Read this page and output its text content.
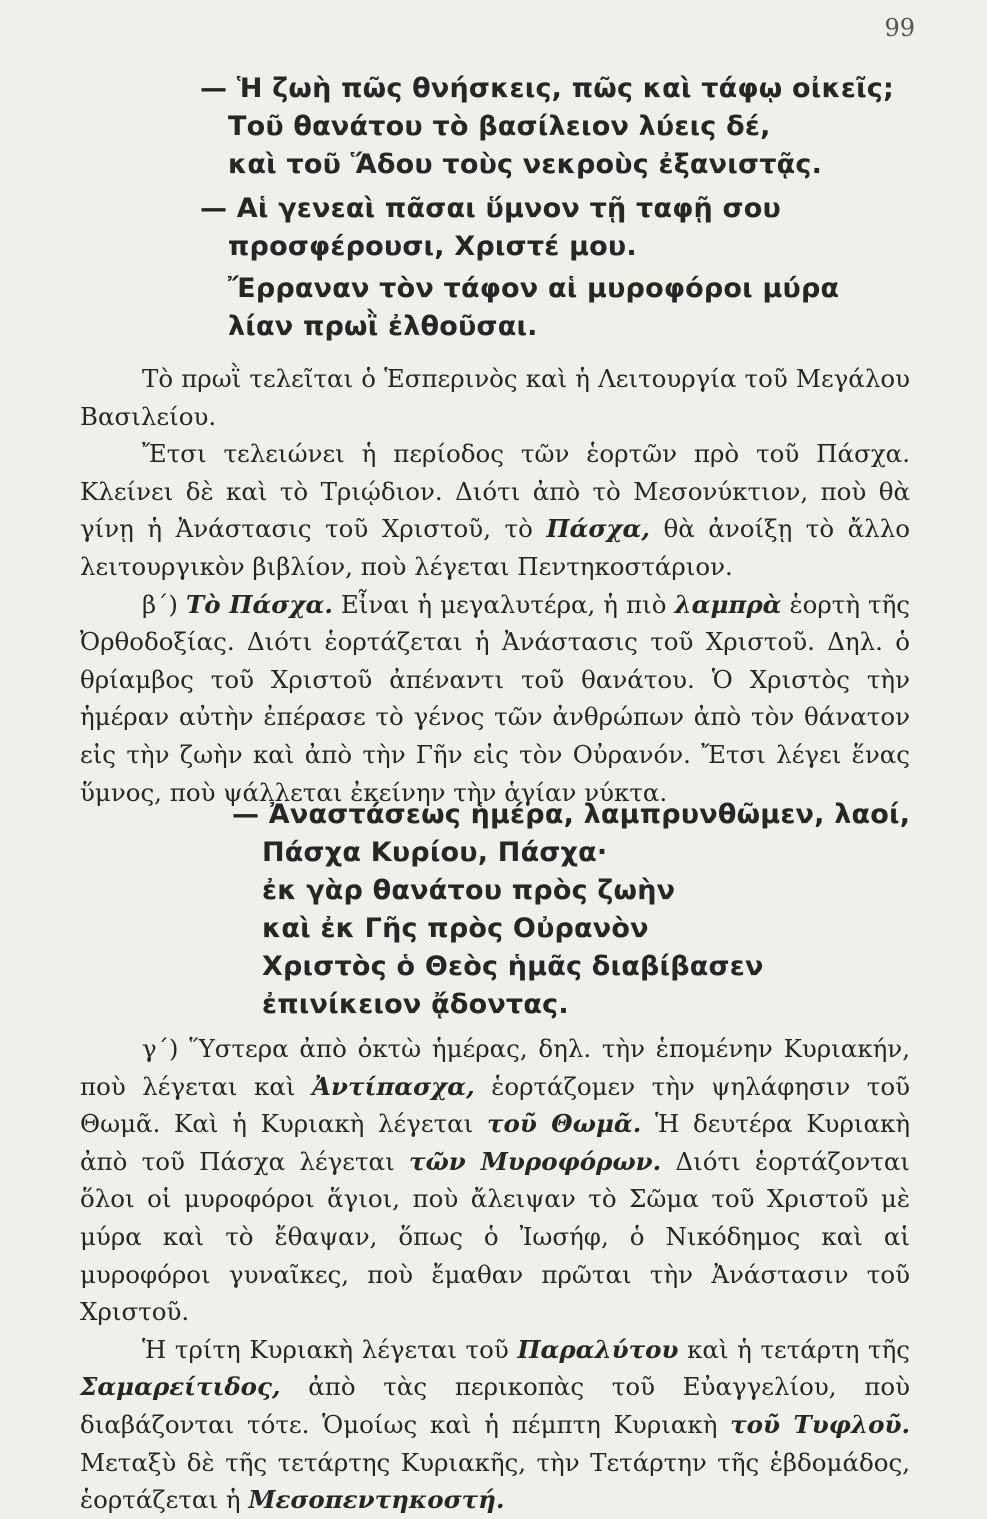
99
— Ἡ ζωὴ πῶς θνήσκεις, πῶς καὶ τάφῳ οἰκεῖς;
Τοῦ θανάτου τὸ βασίλειον λύεις δέ,
καὶ τοῦ Ἅδου τοὺς νεκροὺς ἐξανιστᾷς.
— Αἱ γενεαὶ πᾶσαι ὕμνον τῇ ταφῇ σου
προσφέρουσι, Χριστέ μου.
Ἔρραναν τὸν τάφον αἱ μυροφόροι μύρα
λίαν πρωῒ ἐλθοῦσαι.

Τὸ πρωῒ τελεῖται ὁ Ἑσπερινὸς καὶ ἡ Λειτουργία τοῦ Μεγάλου Βασιλείου.

Ἔτσι τελειώνει ἡ περίοδος τῶν ἑορτῶν πρὸ τοῦ Πάσχα. Κλείνει δὲ καὶ τὸ Τριῴδιον. Διότι ἀπὸ τὸ Μεσονύκτιον, ποὺ θὰ γίνῃ ἡ Ἀνάστασις τοῦ Χριστοῦ, τὸ Πάσχα, θὰ ἀνοίξῃ τὸ ἄλλο λειτουργικὸν βιβλίον, ποὺ λέγεται Πεντηκοστάριον.

β΄) Τὸ Πάσχα. Εἶναι ἡ μεγαλυτέρα, ἡ πιὸ λαμπρὰ ἑορτὴ τῆς Ὀρθοδοξίας. Διότι ἑορτάζεται ἡ Ἀνάστασις τοῦ Χριστοῦ. Δηλ. ὁ θρίαμβος τοῦ Χριστοῦ ἀπέναντι τοῦ θανάτου. Ὁ Χριστὸς τὴν ἡμέραν αὐτὴν ἐπέρασε τὸ γένος τῶν ἀνθρώπων ἀπὸ τὸν θάνατον εἰς τὴν ζωὴν καὶ ἀπὸ τὴν Γῆν εἰς τὸν Οὐρανόν. Ἔτσι λέγει ἕνας ὕμνος, ποὺ ψάλλεται ἐκείνην τὴν ἁγίαν νύκτα.

— Ἀναστάσεως ἡμέρα, λαμπρυνθῶμεν, λαοί,
Πάσχα Κυρίου, Πάσχα·
ἐκ γὰρ θανάτου πρὸς ζωὴν
καὶ ἐκ Γῆς πρὸς Οὐρανὸν
Χριστὸς ὁ Θεὸς ἡμᾶς διαβίβασεν
ἐπινίκειον ᾄδοντας.

γ΄) Ὕστερα ἀπὸ ὀκτὼ ἡμέρας, δηλ. τὴν ἑπομένην Κυριακήν, ποὺ λέγεται καὶ Ἀντίπασχα, ἑορτάζομεν τὴν ψηλάφησιν τοῦ Θωμᾶ. Καὶ ἡ Κυριακὴ λέγεται τοῦ Θωμᾶ. Ἡ δευτέρα Κυριακὴ ἀπὸ τοῦ Πάσχα λέγεται τῶν Μυροφόρων. Διότι ἑορτάζονται ὅλοι οἱ μυροφόροι ἅγιοι, ποὺ ἄλειψαν τὸ Σῶμα τοῦ Χριστοῦ μὲ μύρα καὶ τὸ ἔθαψαν, ὅπως ὁ Ἰωσήφ, ὁ Νικόδημος καὶ αἱ μυροφόροι γυναῖκες, ποὺ ἔμαθαν πρῶται τὴν Ἀνάστασιν τοῦ Χριστοῦ.

Ἡ τρίτη Κυριακὴ λέγεται τοῦ Παραλύτου καὶ ἡ τετάρτη τῆς Σαμαρείτιδος, ἀπὸ τὰς περικοπὰς τοῦ Εὐαγγελίου, ποὺ διαβάζονται τότε. Ὁμοίως καὶ ἡ πέμπτη Κυριακὴ τοῦ Τυφλοῦ. Μεταξὺ δὲ τῆς τετάρτης Κυριακῆς, τὴν Τετάρτην τῆς ἑβδομάδος, ἑορτάζεται ἡ Μεσοπεντηκοστή.
